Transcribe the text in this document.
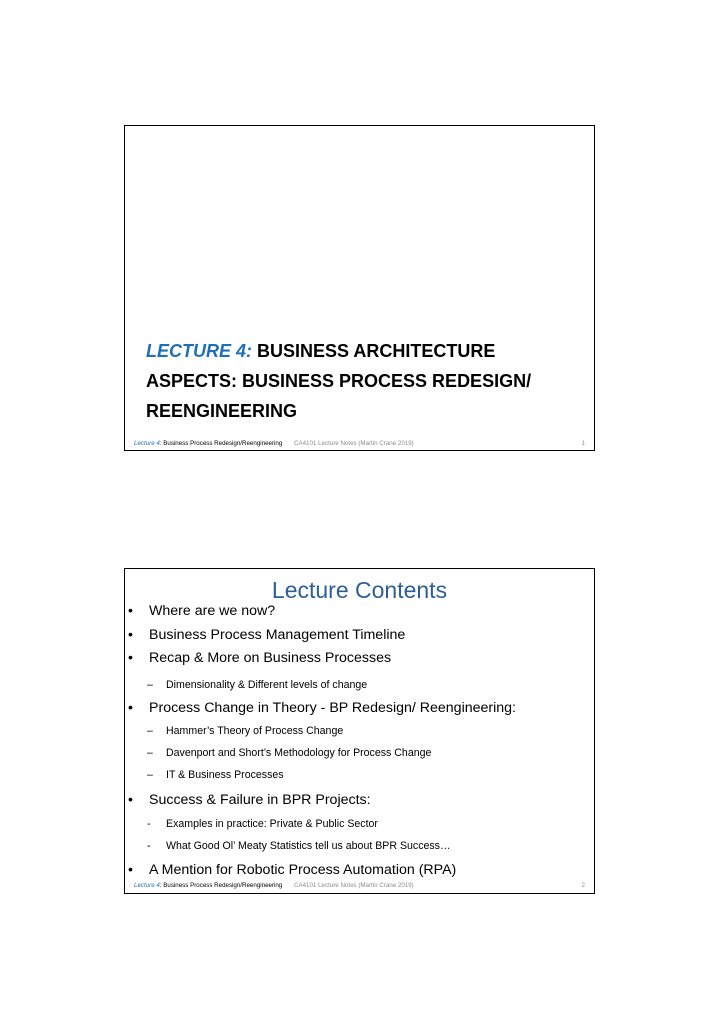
LECTURE 4: BUSINESS ARCHITECTURE ASPECTS: BUSINESS PROCESS REDESIGN/ REENGINEERING
Lecture 4: Business Process Redesign/Reengineering CA4101 Lecture Notes (Martin Crane 2019)	1
Lecture Contents
• Where are we now?
• Business Process Management Timeline
• Recap & More on Business Processes
– Dimensionality & Different levels of change
• Process Change in Theory - BP Redesign/ Reengineering:
– Hammer’s Theory of Process Change
– Davenport and Short’s Methodology for Process Change
– IT & Business Processes
• Success & Failure in BPR Projects:
- Examples in practice: Private & Public Sector
- What Good Ol’ Meaty Statistics tell us about BPR Success…
• A Mention for Robotic Process Automation (RPA)
Lecture 4: Business Process Redesign/Reengineering CA4101 Lecture Notes (Martin Crane 2019)	2
